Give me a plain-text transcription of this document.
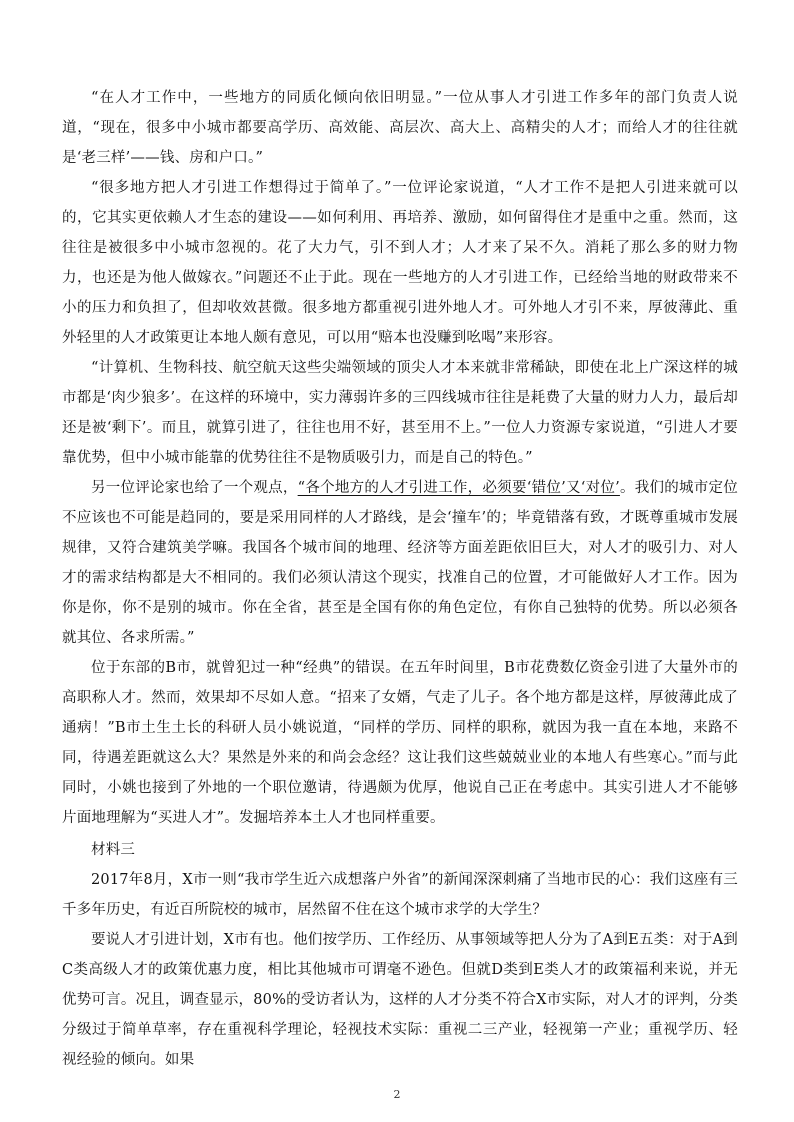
“在人才工作中，一些地方的同质化倾向依旧明显。”一位从事人才引进工作多年的部门负责人说道，“现在，很多中小城市都要高学历、高效能、高层次、高大上、高精尖的人才；而给人才的往往就是‘老三样’——钱、房和户口。”

“很多地方把人才引进工作想得过于简单了。”一位评论家说道，“人才工作不是把人引进来就可以的，它其实更依赖人才生态的建设——如何利用、再培养、激励，如何留得住才是重中之重。然而，这往往是被很多中小城市忽视的。花了大力气，引不到人才；人才来了呆不久。消耗了那么多的财力物力，也还是为他人做嫁衣。”问题还不止于此。现在一些地方的人才引进工作，已经给当地的财政带来不小的压力和负担了，但却收效甚微。很多地方都重视引进外地人才。可外地人才引不来，厚彼薄此、重外轻里的人才政策更让本地人颇有意见，可以用“赔本也没赚到吆喝”来形容。

“计算机、生物科技、航空航天这些尖端领域的顶尖人才本来就非常稀缺，即使在北上广深这样的城市都是‘肉少狼多’。在这样的环境中，实力薄弱许多的三四线城市往往是耗费了大量的财力人力，最后却还是被‘剩下’。而且，就算引进了，往往也用不好，甚至用不上。”一位人力资源专家说道，“引进人才要靠优势，但中小城市能靠的优势往往不是物质吸引力，而是自己的特色。”

另一位评论家也给了一个观点，“各个地方的人才引进工作，必须要‘错位’又‘对位’。我们的城市定位不应该也不可能是趋同的，要是采用同样的人才路线，是会‘撞车’的；毕竟错落有致，才既尊重城市发展规律，又符合建筑美学嘛。我国各个城市间的地理、经济等方面差距依旧巨大，对人才的吸引力、对人才的需求结构都是大不相同的。我们必须认清这个现实，找准自己的位置，才可能做好人才工作。因为你是你，你不是别的城市。你在全省，甚至是全国有你的角色定位，有你自己独特的优势。所以必须各就其位、各求所需。”

位于东部的B市，就曾犯过一种“经典”的错误。在五年时间里，B市花费数亿资金引进了大量外市的高职称人才。然而，效果却不尽如人意。“招来了女婿，气走了儿子。各个地方都是这样，厚彼薄此成了通病！”B市土生土长的科研人员小姚说道，“同样的学历、同样的职称，就因为我一直在本地，来路不同，待遇差距就这么大？果然是外来的和尚会念经？这让我们这些兢兢业业的本地人有些寒心。”而与此同时，小姚也接到了外地的一个职位邀请，待遇颇为优厚，他说自己正在考虑中。其实引进人才不能够片面地理解为“买进人才”。发掘培养本土人才也同样重要。

材料三

2017年8月，X市一则“我市学生近六成想落户外省”的新闻深深刺痛了当地市民的心：我们这座有三千多年历史，有近百所院校的城市，居然留不住在这个城市求学的大学生？

要说人才引进计划，X市有也。他们按学历、工作经历、从事领域等把人分为了A到E五类：对于A到C类高级人才的政策优惠力度，相比其他城市可谓毫不逊色。但就D类到E类人才的政策福利来说，并无优势可言。况且，调查显示，80%的受访者认为，这样的人才分类不符合X市实际，对人才的评判，分类分级过于简单草率，存在重视科学理论，轻视技术实际：重视二三产业，轻视第一产业；重视学历、轻视经验的倾向。如果

2
